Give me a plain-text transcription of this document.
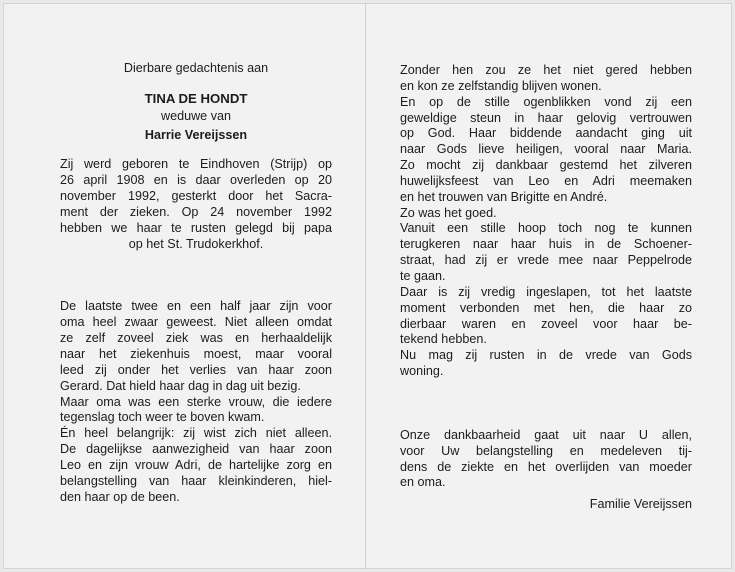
Dierbare gedachtenis aan
TINA DE HONDT
weduwe van
Harrie Vereijssen
Zij werd geboren te Eindhoven (Strijp) op
26 april 1908 en is daar overleden op 20
november 1992, gesterkt door het Sacra-
ment der zieken. Op 24 november 1992
hebben we haar te rusten gelegd bij papa
op het St. Trudokerkhof.
De laatste twee en een half jaar zijn voor
oma heel zwaar geweest. Niet alleen omdat
ze zelf zoveel ziek was en herhaaldelijk
naar het ziekenhuis moest, maar vooral
leed zij onder het verlies van haar zoon
Gerard. Dat hield haar dag in dag uit bezig.
Maar oma was een sterke vrouw, die iedere
tegenslag toch weer te boven kwam.
Én heel belangrijk: zij wist zich niet alleen.
De dagelijkse aanwezigheid van haar zoon
Leo en zijn vrouw Adri, de hartelijke zorg en
belangstelling van haar kleinkinderen, hiel-
den haar op de been.
Zonder hen zou ze het niet gered hebben
en kon ze zelfstandig blijven wonen.
En op de stille ogenblikken vond zij een
geweldige steun in haar gelovig vertrouwen
op God. Haar biddende aandacht ging uit
naar Gods lieve heiligen, vooral naar Maria.
Zo mocht zij dankbaar gestemd het zilveren
huwelijksfeest van Leo en Adri meemaken
en het trouwen van Brigitte en André.
Zo was het goed.
Vanuit een stille hoop toch nog te kunnen
terugkeren naar haar huis in de Schoener-
straat, had zij er vrede mee naar Peppelrode
te gaan.
Daar is zij vredig ingeslapen, tot het laatste
moment verbonden met hen, die haar zo
dierbaar waren en zoveel voor haar be-
tekend hebben.
Nu mag zij rusten in de vrede van Gods
woning.
Onze dankbaarheid gaat uit naar U allen,
voor Uw belangstelling en medeleven tij-
dens de ziekte en het overlijden van moeder
en oma.
Familie Vereijssen
